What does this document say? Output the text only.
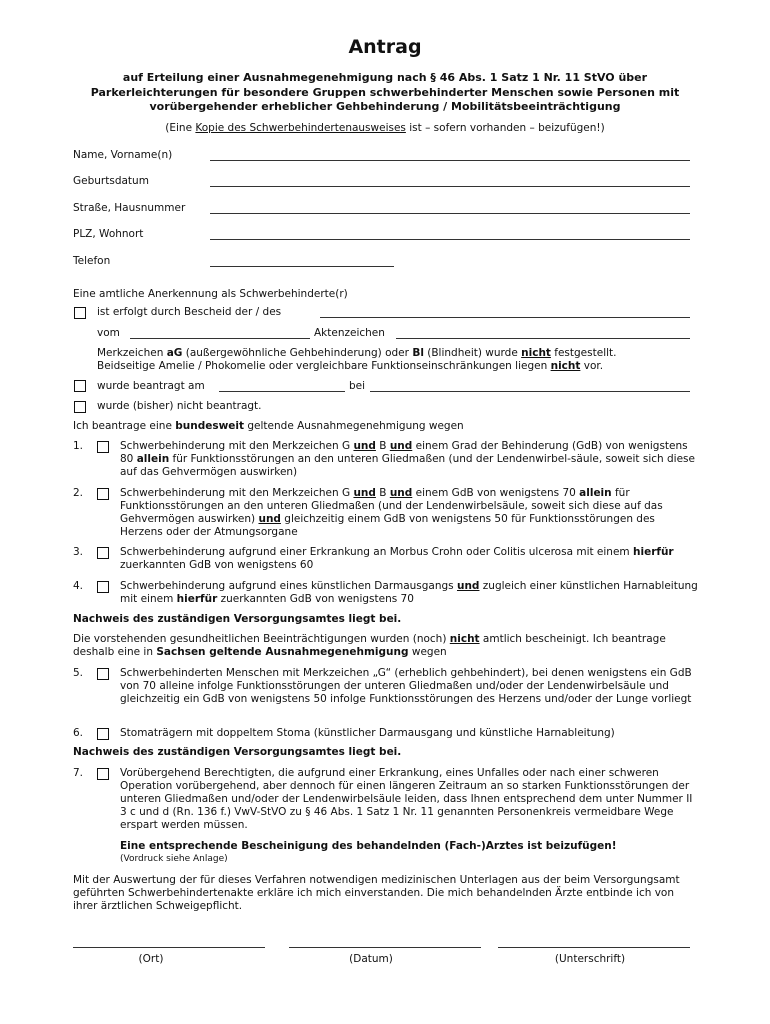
Antrag
auf Erteilung einer Ausnahmegenehmigung nach § 46 Abs. 1 Satz 1 Nr. 11 StVO über Parkerleichterungen für besondere Gruppen schwerbehinderter Menschen sowie Personen mit vorübergehender erheblicher Gehbehinderung / Mobilitätsbeeinträchtigung
(Eine Kopie des Schwerbehindertenausweises ist – sofern vorhanden – beizufügen!)
Name, Vorname(n)
Geburtsdatum
Straße, Hausnummer
PLZ, Wohnort
Telefon
Eine amtliche Anerkennung als Schwerbehinderte(r)
ist erfolgt durch Bescheid der / des
vom	Aktenzeichen
Merkzeichen aG (außergewöhnliche Gehbehinderung) oder Bl (Blindheit) wurde nicht festgestellt.
Beidseitige Amelie / Phokomelie oder vergleichbare Funktionseinschränkungen liegen nicht vor.
wurde beantragt am	bei
wurde (bisher) nicht beantragt.
Ich beantrage eine bundesweit geltende Ausnahmegenehmigung wegen
1.	Schwerbehinderung mit den Merkzeichen G und B und einem Grad der Behinderung (GdB) von wenigstens 80 allein für Funktionsstörungen an den unteren Gliedmaßen (und der Lendenwirbel-säule, soweit sich diese auf das Gehvermögen auswirken)
2.	Schwerbehinderung mit den Merkzeichen G und B und einem GdB von wenigstens 70 allein für Funktionsstörungen an den unteren Gliedmaßen (und der Lendenwirbelsäule, soweit sich diese auf das Gehvermögen auswirken) und gleichzeitig einem GdB von wenigstens 50 für Funktionsstörungen des Herzens oder der Atmungsorgane
3.	Schwerbehinderung aufgrund einer Erkrankung an Morbus Crohn oder Colitis ulcerosa mit einem hierfür zuerkannten GdB von wenigstens 60
4.	Schwerbehinderung aufgrund eines künstlichen Darmausgangs und zugleich einer künstlichen Harnableitung mit einem hierfür zuerkannten GdB von wenigstens 70
Nachweis des zuständigen Versorgungsamtes liegt bei.
Die vorstehenden gesundheitlichen Beeinträchtigungen wurden (noch) nicht amtlich bescheinigt. Ich beantrage deshalb eine in Sachsen geltende Ausnahmegenehmigung wegen
5.	Schwerbehinderten Menschen mit Merkzeichen „G“ (erheblich gehbehindert), bei denen wenigstens ein GdB von 70 alleine infolge Funktionsstörungen der unteren Gliedmaßen und/oder der Lendenwirbelsäule und gleichzeitig ein GdB von wenigstens 50 infolge Funktionsstörungen des Herzens und/oder der Lunge vorliegt
6.	Stomaträgern mit doppeltem Stoma (künstlicher Darmausgang und künstliche Harnableitung)
Nachweis des zuständigen Versorgungsamtes liegt bei.
7.	Vorübergehend Berechtigten, die aufgrund einer Erkrankung, eines Unfalles oder nach einer schweren Operation vorübergehend, aber dennoch für einen längeren Zeitraum an so starken Funktionsstörungen der unteren Gliedmaßen und/oder der Lendenwirbelsäule leiden, dass Ihnen entsprechend dem unter Nummer II 3 c und d (Rn. 136 f.) VwV-StVO zu § 46 Abs. 1 Satz 1 Nr. 11 genannten Personenkreis vermeidbare Wege erspart werden müssen.
Eine entsprechende Bescheinigung des behandelnden (Fach-)Arztes ist beizufügen!
(Vordruck siehe Anlage)
Mit der Auswertung der für dieses Verfahren notwendigen medizinischen Unterlagen aus der beim Versorgungsamt geführten Schwerbehindertenakte erkläre ich mich einverstanden. Die mich behandelnden Ärzte entbinde ich von ihrer ärztlichen Schweigepflicht.
(Ort)	(Datum)	(Unterschrift)
